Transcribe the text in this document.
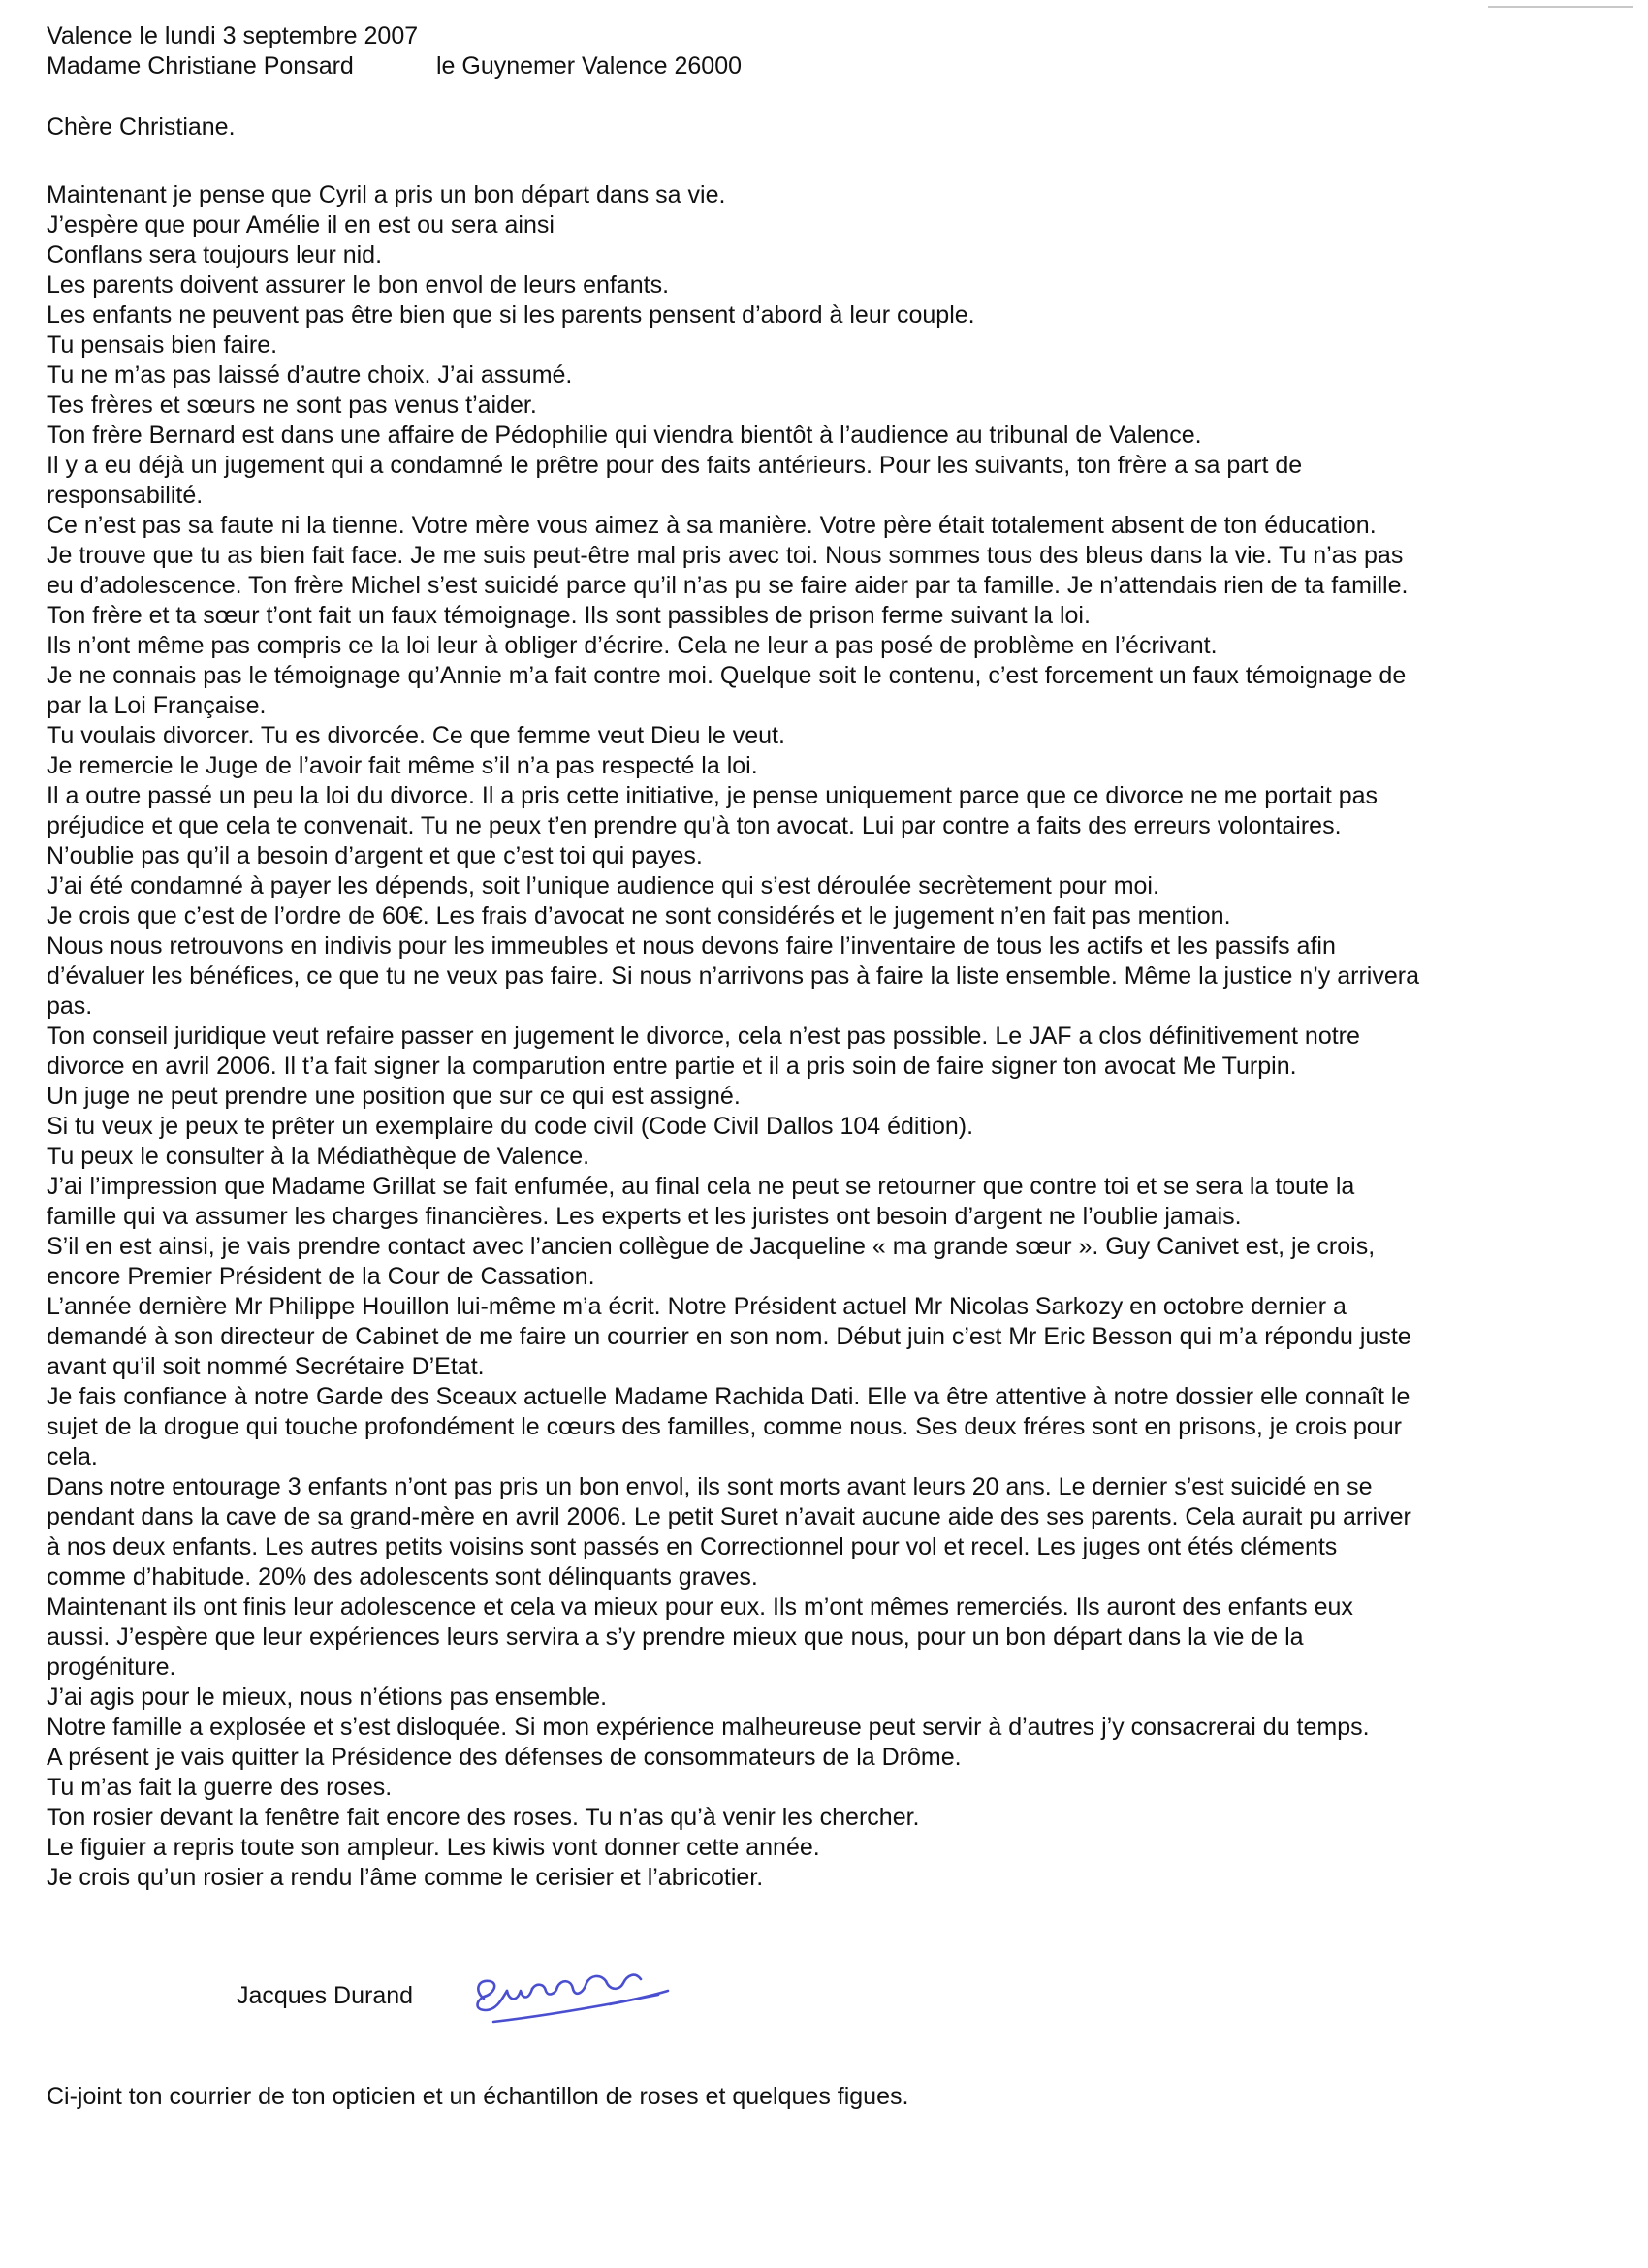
Valence le lundi 3 septembre 2007
Madame Christiane Ponsard	le Guynemer Valence 26000
Chère Christiane.
Maintenant je pense que Cyril a pris un bon départ dans sa vie.
J’espère que pour Amélie il en est ou sera ainsi
Conflans sera toujours leur nid.
Les parents doivent assurer le bon envol de leurs enfants.
Les enfants ne peuvent pas être bien que si les parents pensent d’abord à leur couple.
Tu pensais bien faire.
Tu ne m’as pas laissé d’autre choix. J’ai assumé.
Tes frères et sœurs ne sont pas venus t’aider.
Ton frère Bernard est dans une affaire de Pédophilie qui viendra bientôt à l’audience au tribunal de Valence.
Il y a eu déjà un jugement qui a condamné le prêtre pour des faits antérieurs. Pour les suivants, ton frère a sa part de
responsabilité.
Ce n’est pas sa faute ni la tienne. Votre mère vous aimez à sa manière. Votre père était totalement absent de ton éducation.
Je trouve que tu as bien fait face. Je me suis peut-être mal pris avec toi. Nous sommes tous des bleus dans la vie. Tu n’as pas
eu d’adolescence. Ton frère Michel s’est suicidé parce qu’il n’as pu se faire aider par ta famille. Je n’attendais rien de ta famille.
Ton frère et ta sœur t’ont fait un faux témoignage. Ils sont passibles de prison ferme suivant la loi.
Ils n’ont même pas compris ce la loi leur à obliger d’écrire. Cela ne leur a pas posé de problème en l’écrivant.
Je ne connais pas le témoignage qu’Annie m’a fait contre moi. Quelque soit le contenu, c’est forcement un faux témoignage de
par la Loi Française.
Tu voulais divorcer. Tu es divorcée. Ce que femme veut Dieu le veut.
Je remercie le Juge de l’avoir fait même s’il n’a pas respecté la loi.
Il a outre passé un peu la loi du divorce. Il a pris cette initiative, je pense uniquement parce que ce divorce ne me portait pas
préjudice et que cela te convenait. Tu ne peux t’en prendre qu’à ton avocat. Lui par contre a faits des erreurs volontaires.
N’oublie pas qu’il a besoin d’argent et que c’est toi qui payes.
J’ai été condamné à payer les dépends, soit l’unique audience qui s’est déroulée secrètement pour moi.
Je crois que c’est de l’ordre de 60€. Les frais d’avocat ne sont considérés et le jugement n’en fait pas mention.
Nous nous retrouvons en indivis pour les immeubles et nous devons faire l’inventaire de tous les actifs et les passifs afin
d’évaluer les bénéfices, ce que tu ne veux pas faire. Si nous n’arrivons pas à faire la liste ensemble. Même la justice n’y arrivera
pas.
Ton conseil juridique veut refaire passer en jugement le divorce, cela n’est pas possible. Le JAF a clos définitivement notre
divorce en avril 2006. Il t’a fait signer la comparution entre partie et il a pris soin de faire signer ton avocat Me Turpin.
Un juge ne peut prendre une position que sur ce qui est assigné.
Si tu veux je peux te prêter un exemplaire du code civil (Code Civil Dallos 104 édition).
Tu peux le consulter à la Médiathèque de Valence.
J’ai l’impression que Madame Grillat se fait enfumée, au final cela ne peut se retourner que contre toi et se sera la toute la
famille qui va assumer les charges financières. Les experts et les juristes ont besoin d’argent ne l’oublie jamais.
S’il en est ainsi, je vais prendre contact avec l’ancien collègue de Jacqueline « ma grande sœur ». Guy Canivet est, je crois,
encore Premier Président de la Cour de Cassation.
L’année dernière Mr Philippe Houillon lui-même m’a écrit. Notre Président actuel Mr Nicolas Sarkozy en octobre dernier a
demandé à son directeur de Cabinet de me faire un courrier en son nom. Début juin c’est Mr Eric Besson qui m’a répondu juste
avant qu’il soit nommé Secrétaire D’Etat.
Je fais confiance à notre Garde des Sceaux actuelle Madame Rachida Dati. Elle va être attentive à notre dossier elle connaît le
sujet de la drogue qui touche profondément le cœurs des familles, comme nous. Ses deux fréres sont en prisons, je crois pour
cela.
Dans notre entourage 3 enfants n’ont pas pris un bon envol, ils sont morts avant leurs 20 ans. Le dernier s’est suicidé en se
pendant dans la cave de sa grand-mère en avril 2006. Le petit Suret n’avait aucune aide des ses parents. Cela aurait pu arriver
à nos deux enfants. Les autres petits voisins sont passés en Correctionnel pour vol et recel. Les juges ont étés cléments
comme d’habitude. 20% des adolescents sont délinquants graves.
Maintenant ils ont finis leur adolescence et cela va mieux pour eux. Ils m’ont mêmes remerciés. Ils auront des enfants eux
aussi. J’espère que leur expériences leurs servira a s’y prendre mieux que nous, pour un bon départ dans la vie de la
progéniture.
J’ai agis pour le mieux, nous n’étions pas ensemble.
Notre famille a explosée et s’est disloquée. Si mon expérience malheureuse peut servir à d’autres j’y consacrerai du temps.
A présent je vais quitter la Présidence des défenses de consommateurs de la Drôme.
Tu m’as fait la guerre des roses.
Ton rosier devant la fenêtre fait encore des roses. Tu n’as qu’à venir les chercher.
Le figuier a repris toute son ampleur. Les kiwis vont donner cette année.
Je crois qu’un rosier a rendu l’âme comme le cerisier et l’abricotier.
Jacques Durand
Ci-joint ton courrier de ton opticien et un échantillon de roses et quelques figues.
